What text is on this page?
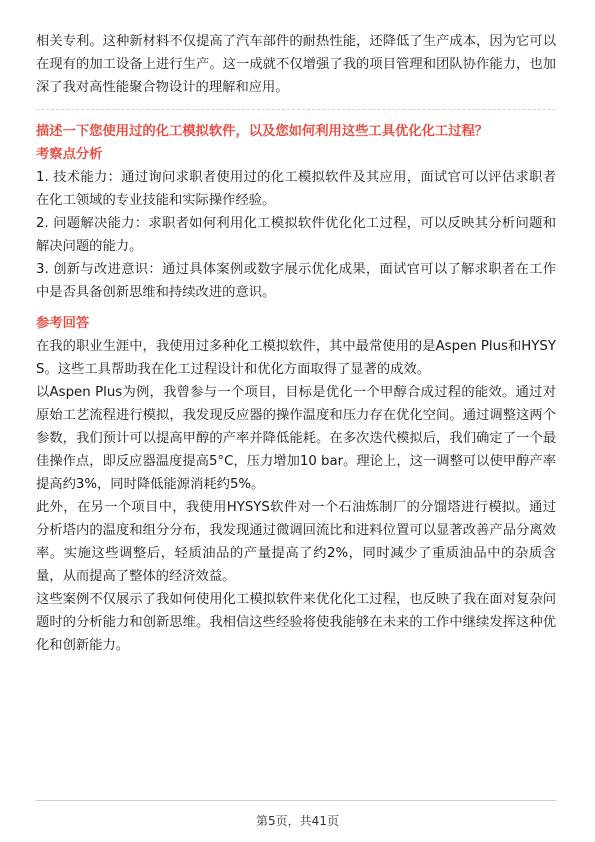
相关专利。这种新材料不仅提高了汽车部件的耐热性能，还降低了生产成本，因为它可以在现有的加工设备上进行生产。这一成就不仅增强了我的项目管理和团队协作能力，也加深了我对高性能聚合物设计的理解和应用。

描述一下您使用过的化工模拟软件，以及您如何利用这些工具优化化工过程？

考察点分析

1. 技术能力：通过询问求职者使用过的化工模拟软件及其应用，面试官可以评估求职者在化工领域的专业技能和实际操作经验。

2. 问题解决能力：求职者如何利用化工模拟软件优化化工过程，可以反映其分析问题和解决问题的能力。

3. 创新与改进意识：通过具体案例或数字展示优化成果，面试官可以了解求职者在工作中是否具备创新思维和持续改进的意识。

参考回答

在我的职业生涯中，我使用过多种化工模拟软件，其中最常使用的是Aspen Plus和HYSYS。这些工具帮助我在化工过程设计和优化方面取得了显著的成效。

以Aspen Plus为例，我曾参与一个项目，目标是优化一个甲醇合成过程的能效。通过对原始工艺流程进行模拟，我发现反应器的操作温度和压力存在优化空间。通过调整这两个参数，我们预计可以提高甲醇的产率并降低能耗。在多次迭代模拟后，我们确定了一个最佳操作点，即反应器温度提高5°C，压力增加10 bar。理论上，这一调整可以使甲醇产率提高约3%，同时降低能源消耗约5%。

此外，在另一个项目中，我使用HYSYS软件对一个石油炼制厂的分馏塔进行模拟。通过分析塔内的温度和组分分布，我发现通过微调回流比和进料位置可以显著改善产品分离效率。实施这些调整后，轻质油品的产量提高了约2%，同时减少了重质油品中的杂质含量，从而提高了整体的经济效益。

这些案例不仅展示了我如何使用化工模拟软件来优化化工过程，也反映了我在面对复杂问题时的分析能力和创新思维。我相信这些经验将使我能够在未来的工作中继续发挥这种优化和创新能力。

第5页，共41页
